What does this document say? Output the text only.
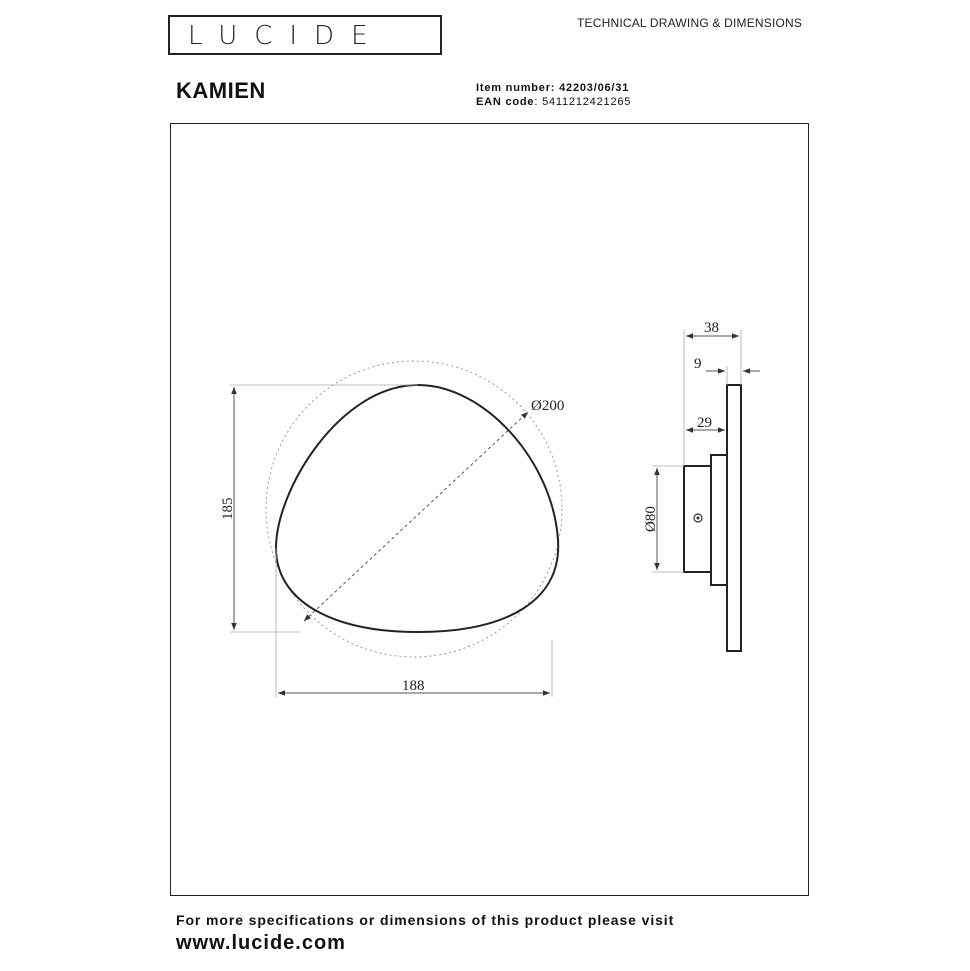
LUCIDE	TECHNICAL DRAWING & DIMENSIONS
KAMIEN	Item number: 42203/06/31
EAN code: 5411212421265
Ø200
185
188
38
9
29
Ø80
For more specifications or dimensions of this product please visit
www.lucide.com
